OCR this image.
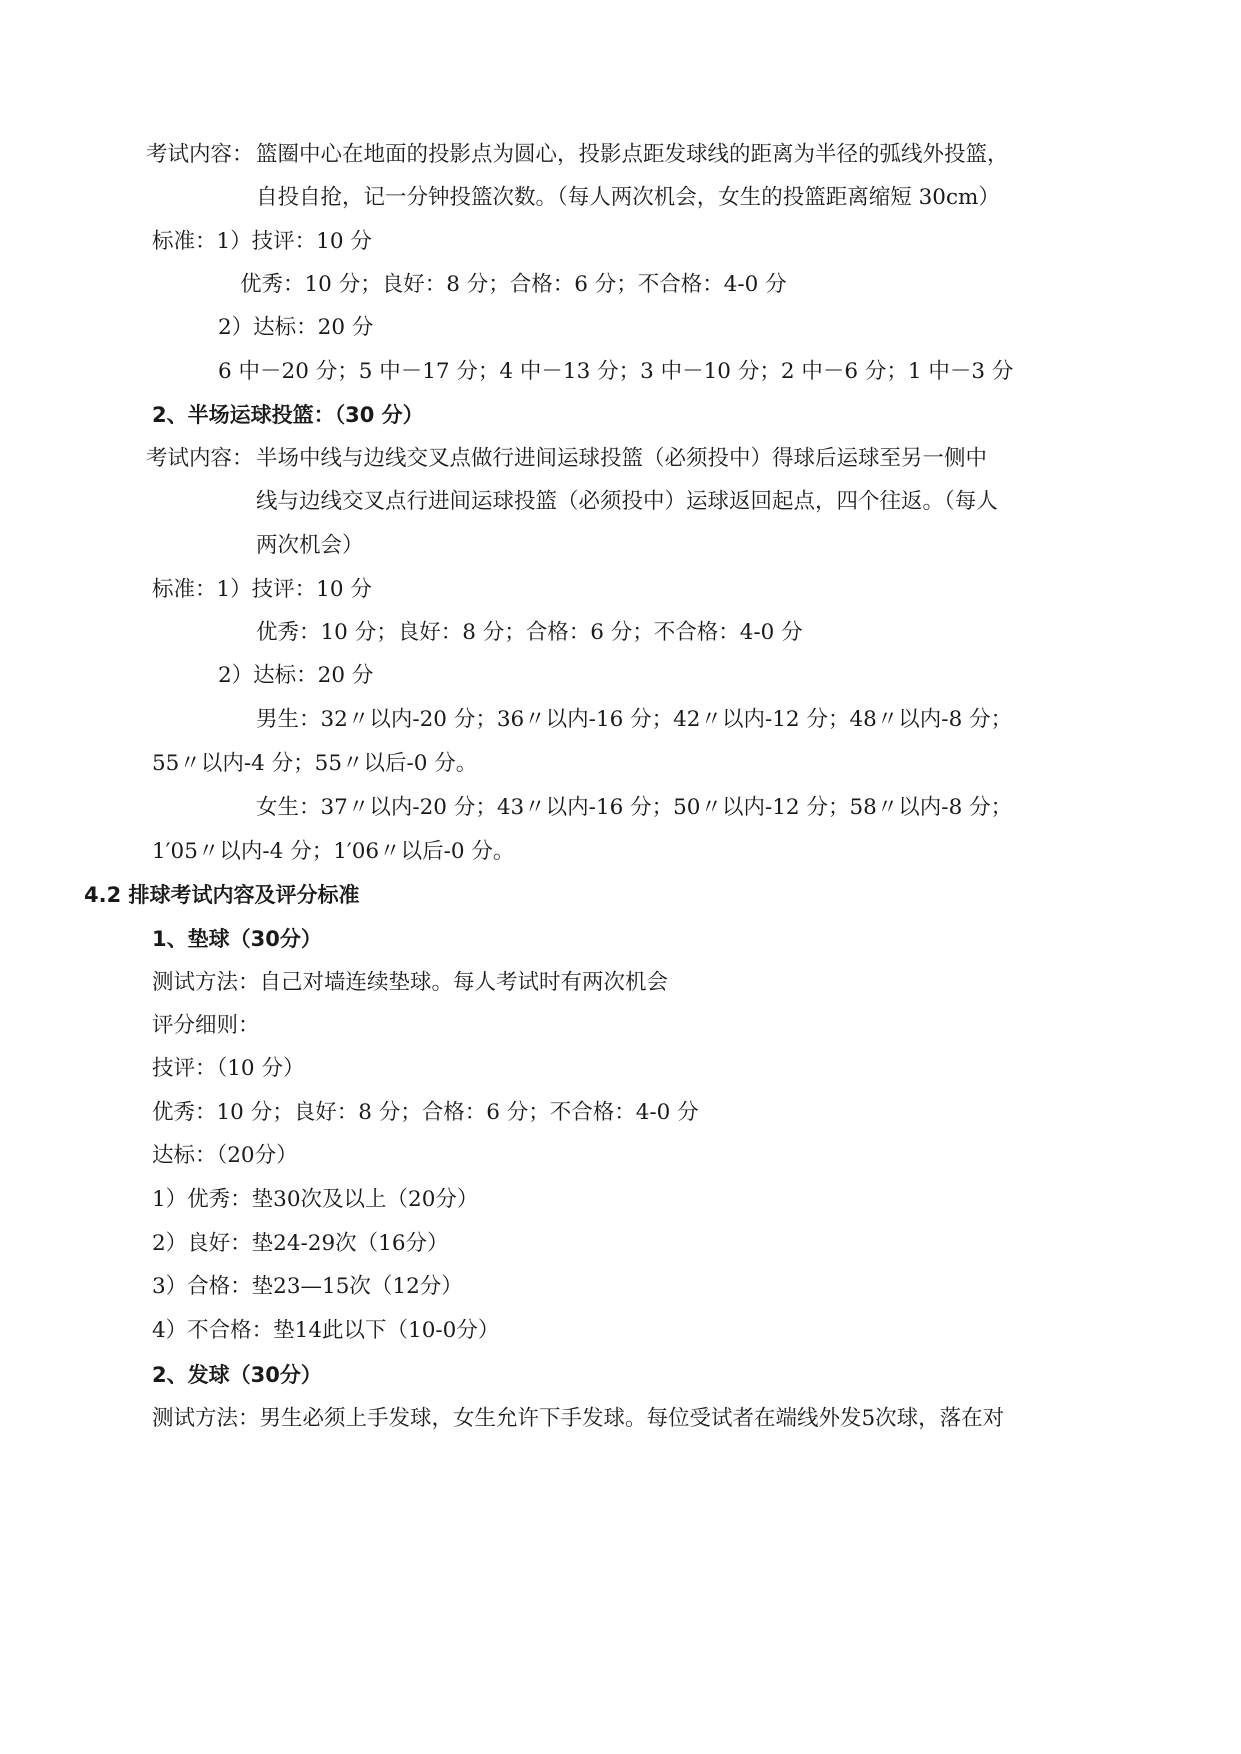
考试内容： 篮圈中心在地面的投影点为圆心，投影点距发球线的距离为半径的弧线外投篮，
自投自抢，记一分钟投篮次数。（每人两次机会，女生的投篮距离缩短 30cm）
标准：1）技评：10 分
优秀：10 分；良好：8 分；合格：6 分；不合格：4-0 分
2）达标：20 分
6 中－20 分；5 中－17 分；4 中－13 分；3 中－10 分；2 中－6 分；1 中－3 分
2、半场运球投篮：（30 分）
考试内容： 半场中线与边线交叉点做行进间运球投篮（必须投中）得球后运球至另一侧中
线与边线交叉点行进间运球投篮（必须投中）运球返回起点，四个往返。（每人
两次机会）
标准：1）技评：10 分
优秀：10 分；良好：8 分；合格：6 分；不合格：4-0 分
2）达标：20 分
男生：32〃以内-20 分；36〃以内-16 分；42〃以内-12 分；48〃以内-8 分；
55〃以内-4 分；55〃以后-0 分。
女生：37〃以内-20 分；43〃以内-16 分；50〃以内-12 分；58〃以内-8 分；
1′05〃以内-4 分；1′06〃以后-0 分。
4.2 排球考试内容及评分标准
1、垫球（30分）
测试方法：自己对墙连续垫球。每人考试时有两次机会
评分细则：
技评：（10 分）
优秀：10 分；良好：8 分；合格：6 分；不合格：4-0 分
达标：（20分）
1）优秀：垫30次及以上（20分）
2）良好：垫24-29次（16分）
3）合格：垫23—15次（12分）
4）不合格：垫14此以下（10-0分）
2、发球（30分）
测试方法：男生必须上手发球，女生允许下手发球。每位受试者在端线外发5次球，落在对
